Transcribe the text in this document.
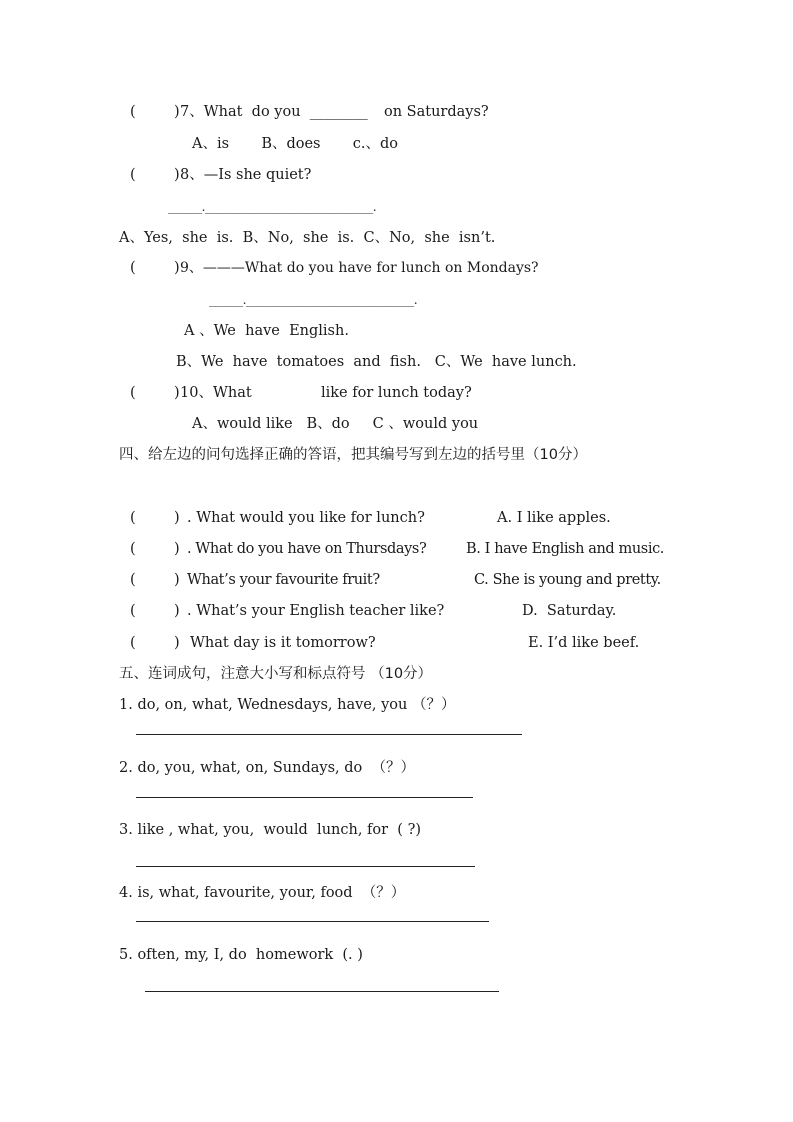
(	) 7、What  do you  ________ on Saturdays?
A、is       B、does       c.、do
(	) 8、—Is she quiet?
______.______________________________.
A、Yes,  she  is.  B、No,  she  is.  C、No,  she  isn’t.
(	) 9、———What do you have for lunch on Mondays?
______.______________________________.
A 、We  have  English.
B、We  have  tomatoes  and  fish.   C、We  have lunch.
(	) 10、What	like for lunch today?
A、would like   B、do     C 、would you
四、给左边的问句选择正确的答语，把其编号写到左边的括号里（10分）
(	) . What would you like for lunch?	A. I like apples.
(	) . What do you have on Thursdays?	B. I have English and music.
(	) What’s your favourite fruit?	C. She is young and pretty.
(	) . What’s your English teacher like?	D.  Saturday.
(	) What day is it tomorrow?	E. I’d like beef.
五、连词成句，注意大小写和标点符号 （10分）
1. do, on, what, Wednesdays, have, you （？）
2. do, you, what, on, Sundays, do  （？）
3. like , what, you,  would  lunch, for  ( ?)
4. is, what, favourite, your, food  （？）
5. often, my, I, do  homework  (. )
